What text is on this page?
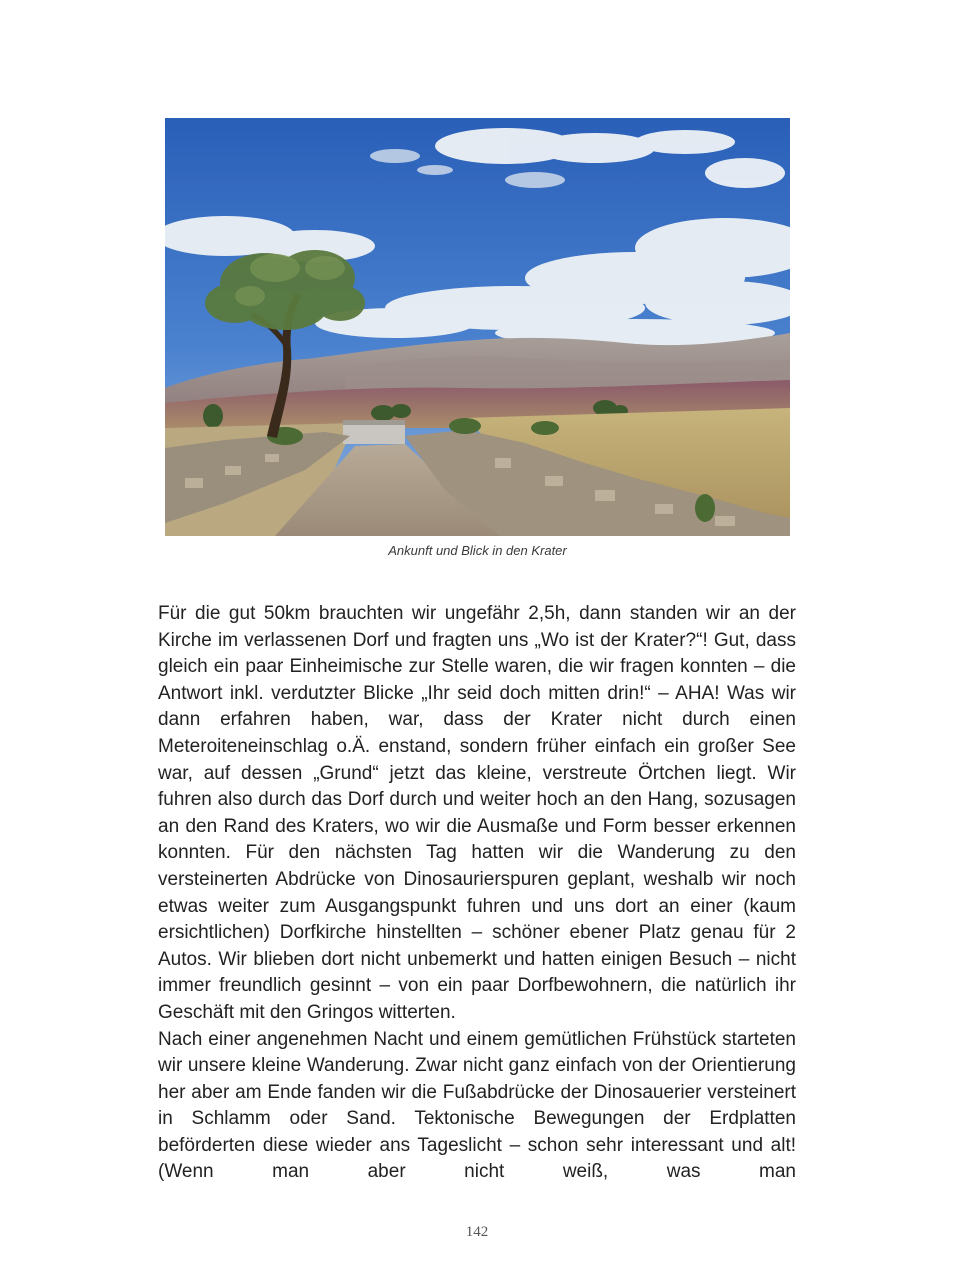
Ankunft und Blick in den Krater

Für die gut 50km brauchten wir ungefähr 2,5h, dann standen wir an der Kirche im verlassenen Dorf und fragten uns „Wo ist der Krater?“! Gut, dass gleich ein paar Einheimische zur Stelle waren, die wir fragen konnten – die Antwort inkl. verdutzter Blicke „Ihr seid doch mitten drin!“ – AHA! Was wir dann erfahren haben, war, dass der Krater nicht durch einen Meteroiteneinschlag o.Ä. enstand, sondern früher einfach ein großer See war, auf dessen „Grund“ jetzt das kleine, verstreute Örtchen liegt. Wir fuhren also durch das Dorf durch und weiter hoch an den Hang, sozusagen an den Rand des Kraters, wo wir die Ausmaße und Form besser erkennen konnten. Für den nächsten Tag hatten wir die Wanderung zu den versteinerten Abdrücke von Dinosaurierspuren geplant, weshalb wir noch etwas weiter zum Ausgangspunkt fuhren und uns dort an einer (kaum ersichtlichen) Dorfkirche hinstellten – schöner ebener Platz genau für 2 Autos. Wir blieben dort nicht unbemerkt und hatten einigen Besuch – nicht immer freundlich gesinnt – von ein paar Dorfbewohnern, die natürlich ihr Geschäft mit den Gringos witterten.

Nach einer angenehmen Nacht und einem gemütlichen Frühstück starteten wir unsere kleine Wanderung. Zwar nicht ganz einfach von der Orientierung her aber am Ende fanden wir die Fußabdrücke der Dinosauerier versteinert in Schlamm oder Sand. Tektonische Bewegungen der Erdplatten beförderten diese wieder ans Tageslicht – schon sehr interessant und alt! (Wenn man aber nicht weiß, was man

142
